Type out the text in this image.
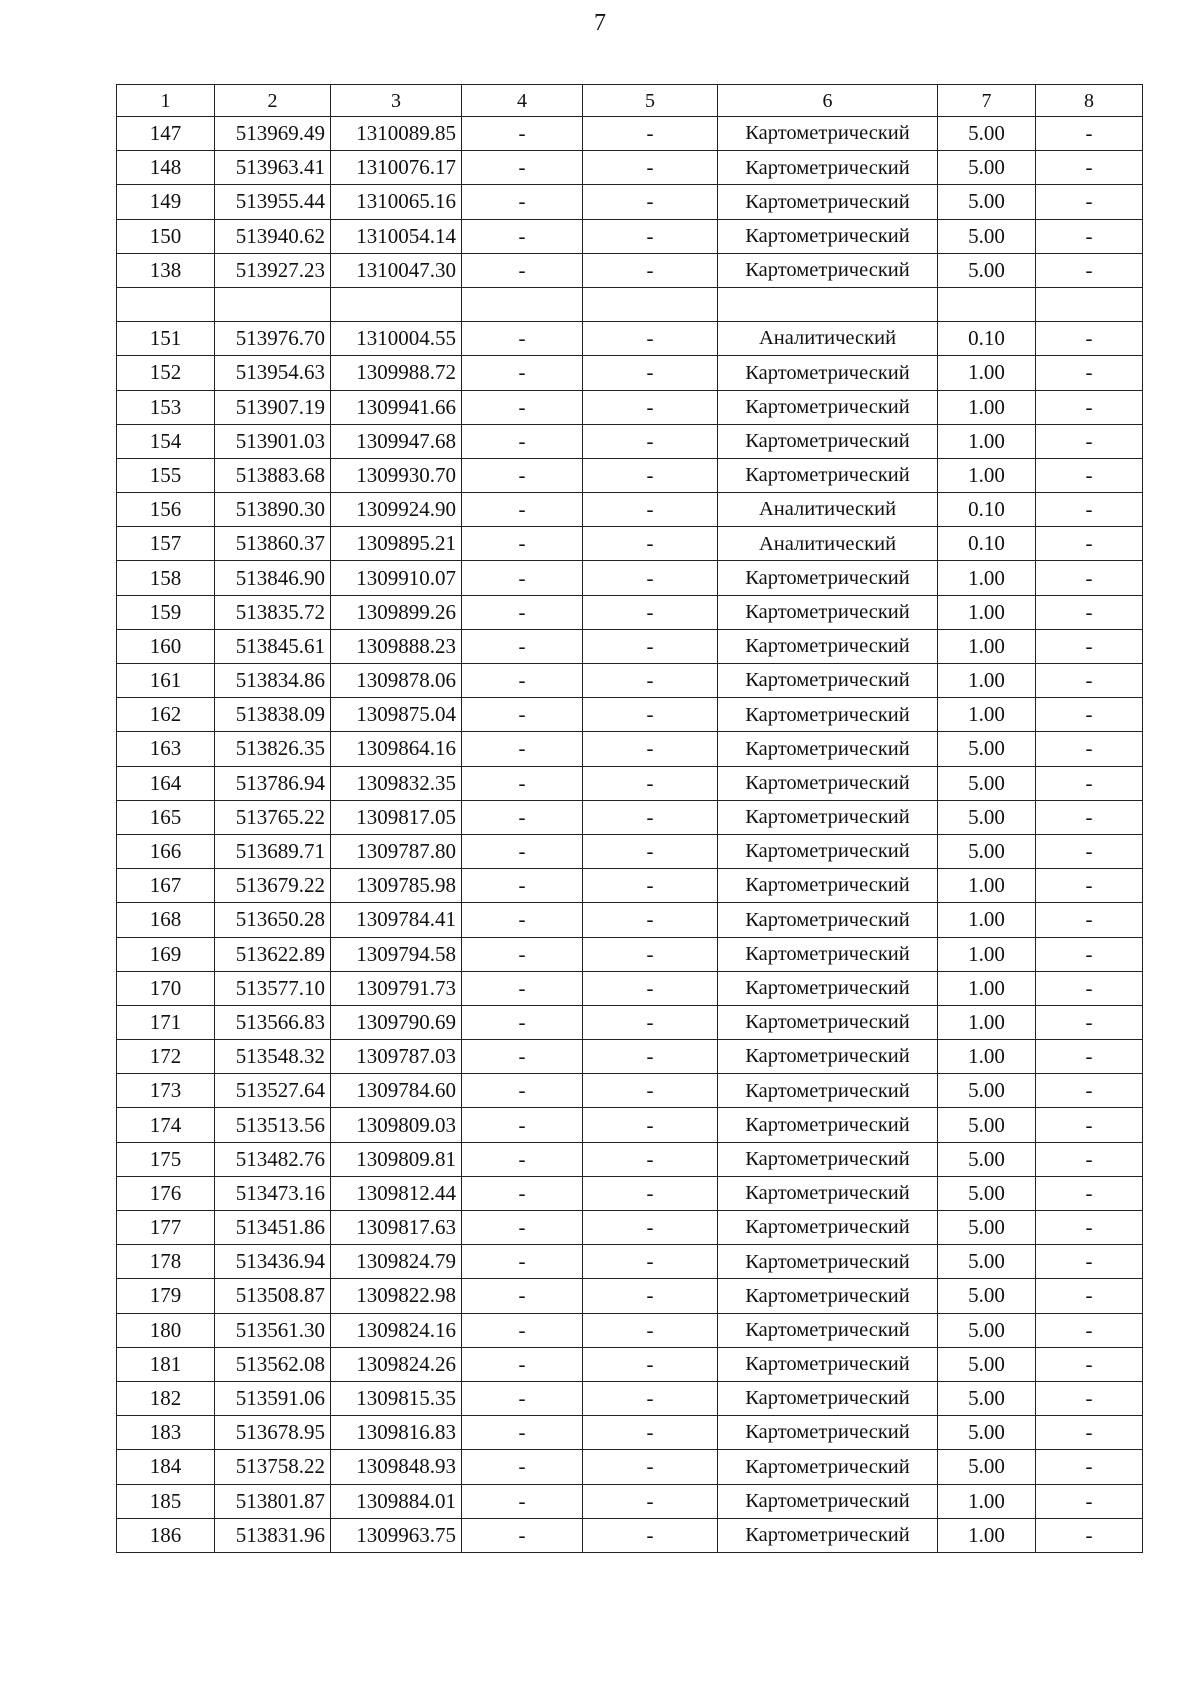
7
1	2	3	4	5	6	7	8
147	513969.49	1310089.85	-	-	Картометрический	5.00	-
148	513963.41	1310076.17	-	-	Картометрический	5.00	-
149	513955.44	1310065.16	-	-	Картометрический	5.00	-
150	513940.62	1310054.14	-	-	Картометрический	5.00	-
138	513927.23	1310047.30	-	-	Картометрический	5.00	-

151	513976.70	1310004.55	-	-	Аналитический	0.10	-
152	513954.63	1309988.72	-	-	Картометрический	1.00	-
153	513907.19	1309941.66	-	-	Картометрический	1.00	-
154	513901.03	1309947.68	-	-	Картометрический	1.00	-
155	513883.68	1309930.70	-	-	Картометрический	1.00	-
156	513890.30	1309924.90	-	-	Аналитический	0.10	-
157	513860.37	1309895.21	-	-	Аналитический	0.10	-
158	513846.90	1309910.07	-	-	Картометрический	1.00	-
159	513835.72	1309899.26	-	-	Картометрический	1.00	-
160	513845.61	1309888.23	-	-	Картометрический	1.00	-
161	513834.86	1309878.06	-	-	Картометрический	1.00	-
162	513838.09	1309875.04	-	-	Картометрический	1.00	-
163	513826.35	1309864.16	-	-	Картометрический	5.00	-
164	513786.94	1309832.35	-	-	Картометрический	5.00	-
165	513765.22	1309817.05	-	-	Картометрический	5.00	-
166	513689.71	1309787.80	-	-	Картометрический	5.00	-
167	513679.22	1309785.98	-	-	Картометрический	1.00	-
168	513650.28	1309784.41	-	-	Картометрический	1.00	-
169	513622.89	1309794.58	-	-	Картометрический	1.00	-
170	513577.10	1309791.73	-	-	Картометрический	1.00	-
171	513566.83	1309790.69	-	-	Картометрический	1.00	-
172	513548.32	1309787.03	-	-	Картометрический	1.00	-
173	513527.64	1309784.60	-	-	Картометрический	5.00	-
174	513513.56	1309809.03	-	-	Картометрический	5.00	-
175	513482.76	1309809.81	-	-	Картометрический	5.00	-
176	513473.16	1309812.44	-	-	Картометрический	5.00	-
177	513451.86	1309817.63	-	-	Картометрический	5.00	-
178	513436.94	1309824.79	-	-	Картометрический	5.00	-
179	513508.87	1309822.98	-	-	Картометрический	5.00	-
180	513561.30	1309824.16	-	-	Картометрический	5.00	-
181	513562.08	1309824.26	-	-	Картометрический	5.00	-
182	513591.06	1309815.35	-	-	Картометрический	5.00	-
183	513678.95	1309816.83	-	-	Картометрический	5.00	-
184	513758.22	1309848.93	-	-	Картометрический	5.00	-
185	513801.87	1309884.01	-	-	Картометрический	1.00	-
186	513831.96	1309963.75	-	-	Картометрический	1.00	-
